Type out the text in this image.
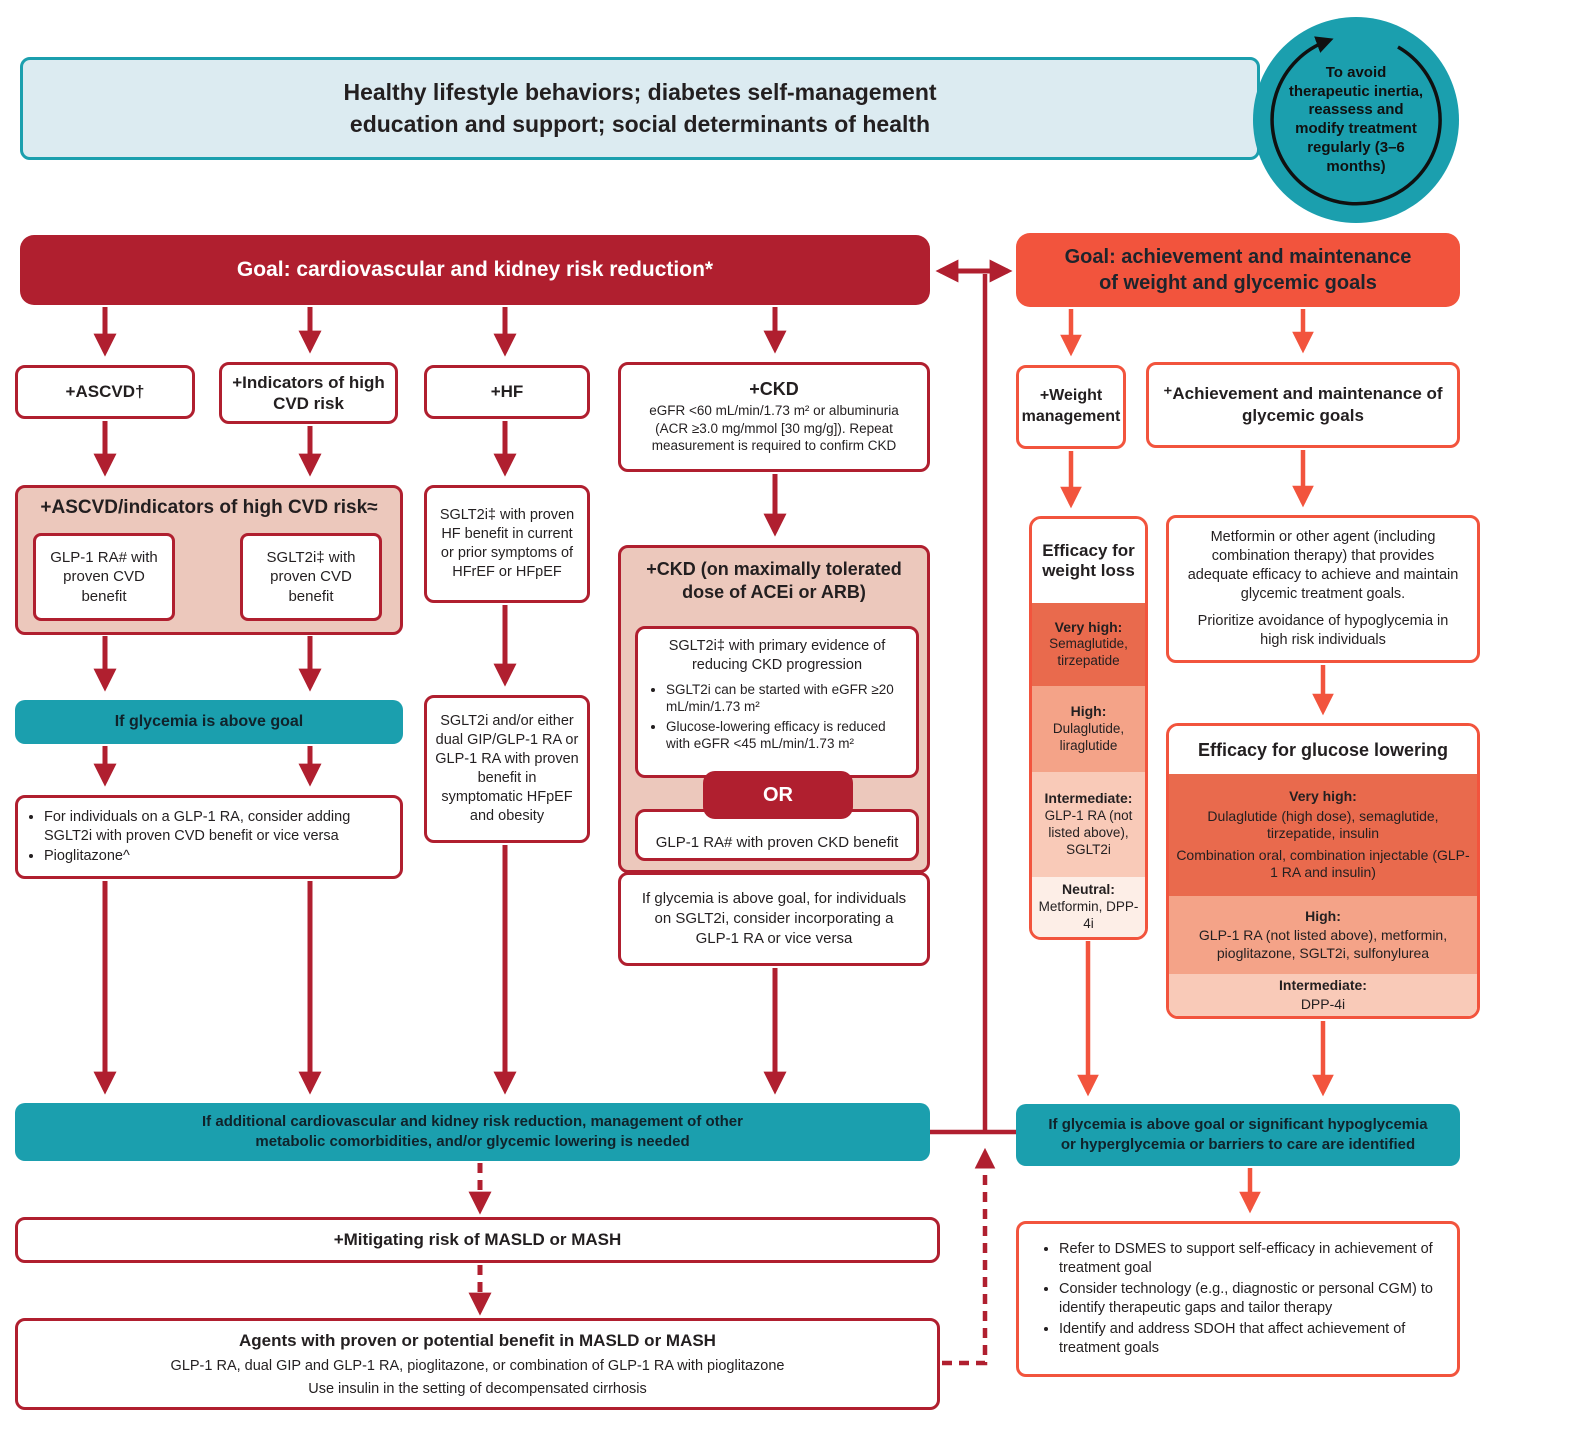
Healthy lifestyle behaviors; diabetes self-management
education and support; social determinants of health
To avoid therapeutic inertia, reassess and modify treatment regularly (3–6 months)
Goal: cardiovascular and kidney risk reduction*
Goal: achievement and maintenance
of weight and glycemic goals
+ASCVD†	+Indicators of high CVD risk
+HF	+CKD
eGFR <60 mL/min/1.73 m² or albuminuria (ACR ≥3.0 mg/mmol [30 mg/g]). Repeat measurement is required to confirm CKD
+Weight management
⁺Achievement and maintenance of glycemic goals
+ASCVD/indicators of high CVD risk≈
GLP-1 RA# with proven CVD benefit
SGLT2i‡ with proven CVD benefit
SGLT2i‡ with proven HF benefit in current or prior symptoms of HFrEF or HFpEF
SGLT2i and/or either dual GIP/GLP-1 RA or GLP-1 RA with proven benefit in symptomatic HFpEF and obesity
If glycemia is above goal
• For individuals on a GLP-1 RA, consider adding SGLT2i with proven CVD benefit or vice versa
• Pioglitazone^
+CKD (on maximally tolerated dose of ACEi or ARB)
SGLT2i‡ with primary evidence of reducing CKD progression
• SGLT2i can be started with eGFR ≥20 mL/min/1.73 m²
• Glucose-lowering efficacy is reduced with eGFR <45 mL/min/1.73 m²
OR
GLP-1 RA# with proven CKD benefit
If glycemia is above goal, for individuals on SGLT2i, consider incorporating a GLP-1 RA or vice versa
Efficacy for weight loss
Very high:
Semaglutide, tirzepatide
High:
Dulaglutide, liraglutide
Intermediate:
GLP-1 RA (not listed above), SGLT2i
Neutral:
Metformin, DPP-4i
Metformin or other agent (including combination therapy) that provides adequate efficacy to achieve and maintain glycemic treatment goals.
Prioritize avoidance of hypoglycemia in high risk individuals
Efficacy for glucose lowering
Very high:
Dulaglutide (high dose), semaglutide, tirzepatide, insulin
Combination oral, combination injectable (GLP-1 RA and insulin)
High:
GLP-1 RA (not listed above), metformin, pioglitazone, SGLT2i, sulfonylurea
Intermediate:
DPP-4i
If additional cardiovascular and kidney risk reduction, management of other
metabolic comorbidities, and/or glycemic lowering is needed
If glycemia is above goal or significant hypoglycemia
or hyperglycemia or barriers to care are identified
+Mitigating risk of MASLD or MASH
Agents with proven or potential benefit in MASLD or MASH
GLP-1 RA, dual GIP and GLP-1 RA, pioglitazone, or combination of GLP-1 RA with pioglitazone
Use insulin in the setting of decompensated cirrhosis
• Refer to DSMES to support self-efficacy in achievement of treatment goal
• Consider technology (e.g., diagnostic or personal CGM) to identify therapeutic gaps and tailor therapy
• Identify and address SDOH that affect achievement of treatment goals
